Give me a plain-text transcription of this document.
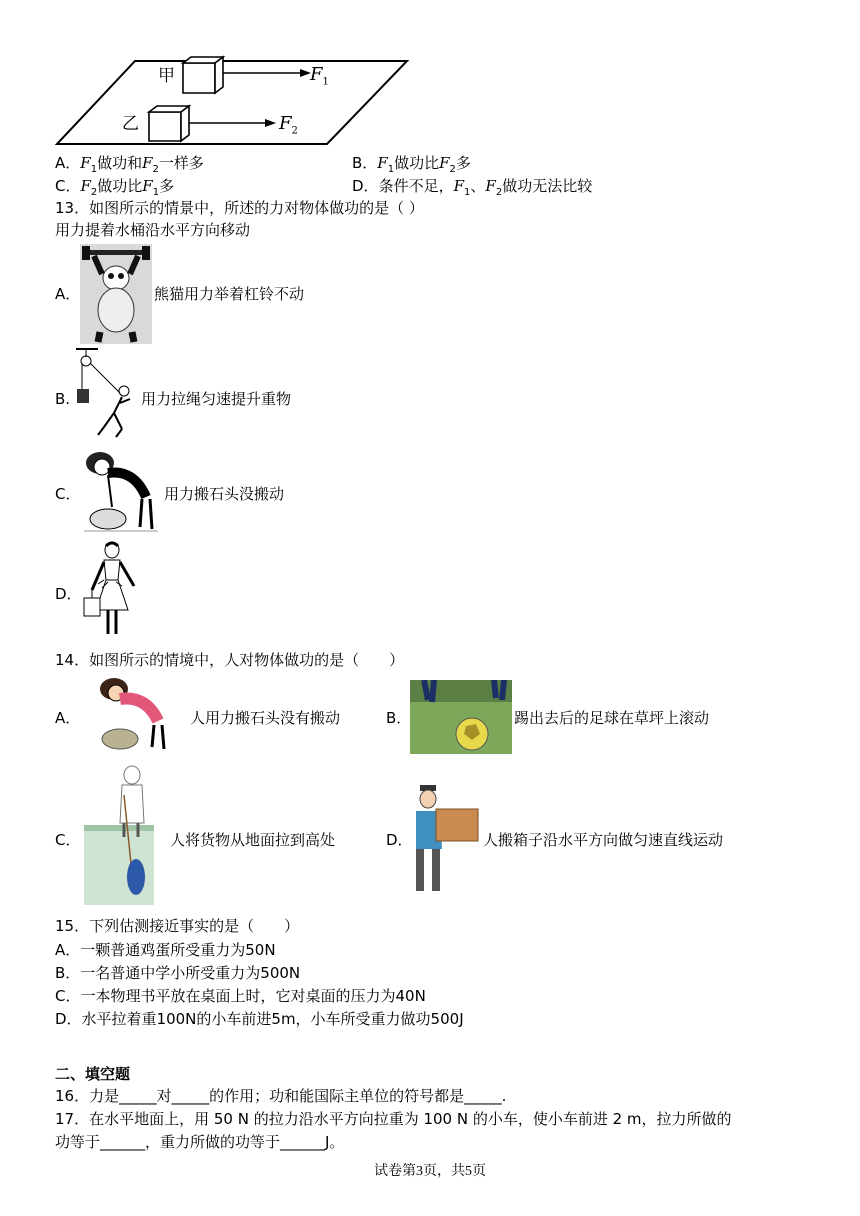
甲
乙
$F_1$
$F_2$
A．$F_1$做功和$F_2$一样多	B．$F_1$做功比$F_2$多
C．$F_2$做功比$F_1$多	D．条件不足，$F_1$、$F_2$做功无法比较
13．如图所示的情景中，所述的力对物体做功的是（ ）
用力提着水桶沿水平方向移动
A．	熊猫用力举着杠铃不动
B.	用力拉绳匀速提升重物
C．	用力搬石头没搬动
D．
14．如图所示的情境中，人对物体做功的是（　　）
A．	人用力搬石头没有搬动	B．	踢出去后的足球在草坪上滚动
C．	人将货物从地面拉到高处	D．	人搬箱子沿水平方向做匀速直线运动
15．下列估测接近事实的是（　　）
A．一颗普通鸡蛋所受重力为50N
B．一名普通中学小所受重力为500N
C．一本物理书平放在桌面上时，它对桌面的压力为40N
D．水平拉着重100N的小车前进5m，小车所受重力做功500J
二、填空题
16．力是_____对_____的作用；功和能国际主单位的符号都是_____.
17．在水平地面上，用 50 N 的拉力沿水平方向拉重为 100 N 的小车，使小车前进 2 m，拉力所做的
功等于______，重力所做的功等于______J。
试卷第3页，共5页
